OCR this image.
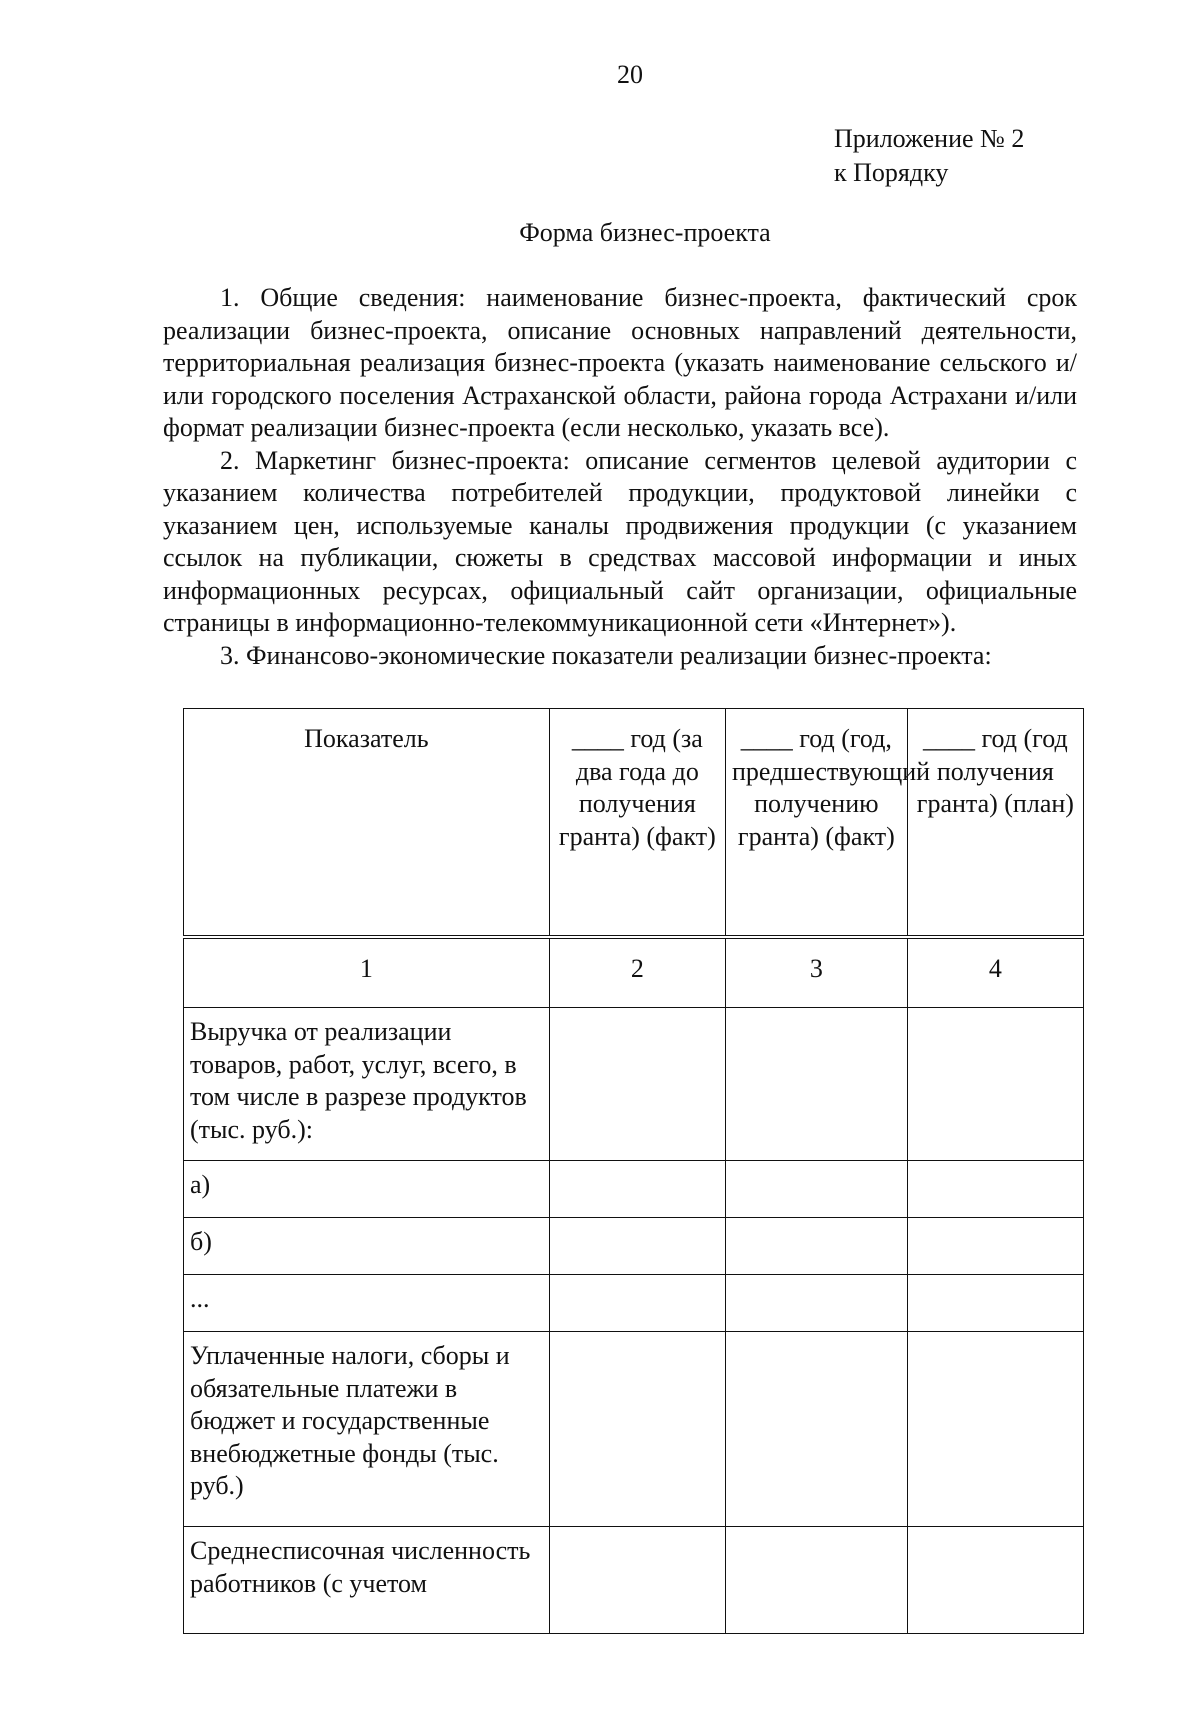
20
Приложение № 2
к Порядку
Форма бизнес-проекта

1. Общие сведения: наименование бизнес-проекта, фактический срок реализации бизнес-проекта, описание основных направлений деятельности, территориальная реализация бизнес-проекта (указать наименование сельского и/или городского поселения Астраханской области, района города Астрахани и/или формат реализации бизнес-проекта (если несколько, указать все).

2. Маркетинг бизнес-проекта: описание сегментов целевой аудитории с указанием количества потребителей продукции, продуктовой линейки с указанием цен, используемые каналы продвижения продукции (с указанием ссылок на публикации, сюжеты в средствах массовой информации и иных информационных ресурсах, официальный сайт организации, официальные страницы в информационно-телекоммуникационной сети «Интернет»).

3. Финансово-экономические показатели реализации бизнес-проекта:

Показатель	____ год (за два года до получения гранта) (факт)	____ год (год, предшествующий получению гранта) (факт)	____ год (год получения гранта) (план)
1	2	3	4
Выручка от реализации товаров, работ, услуг, всего, в том числе в разрезе продуктов (тыс. руб.):			
а)			
б)			
...			
Уплаченные налоги, сборы и обязательные платежи в бюджет и государственные внебюджетные фонды (тыс. руб.)			
Среднесписочная численность работников (с учетом			
